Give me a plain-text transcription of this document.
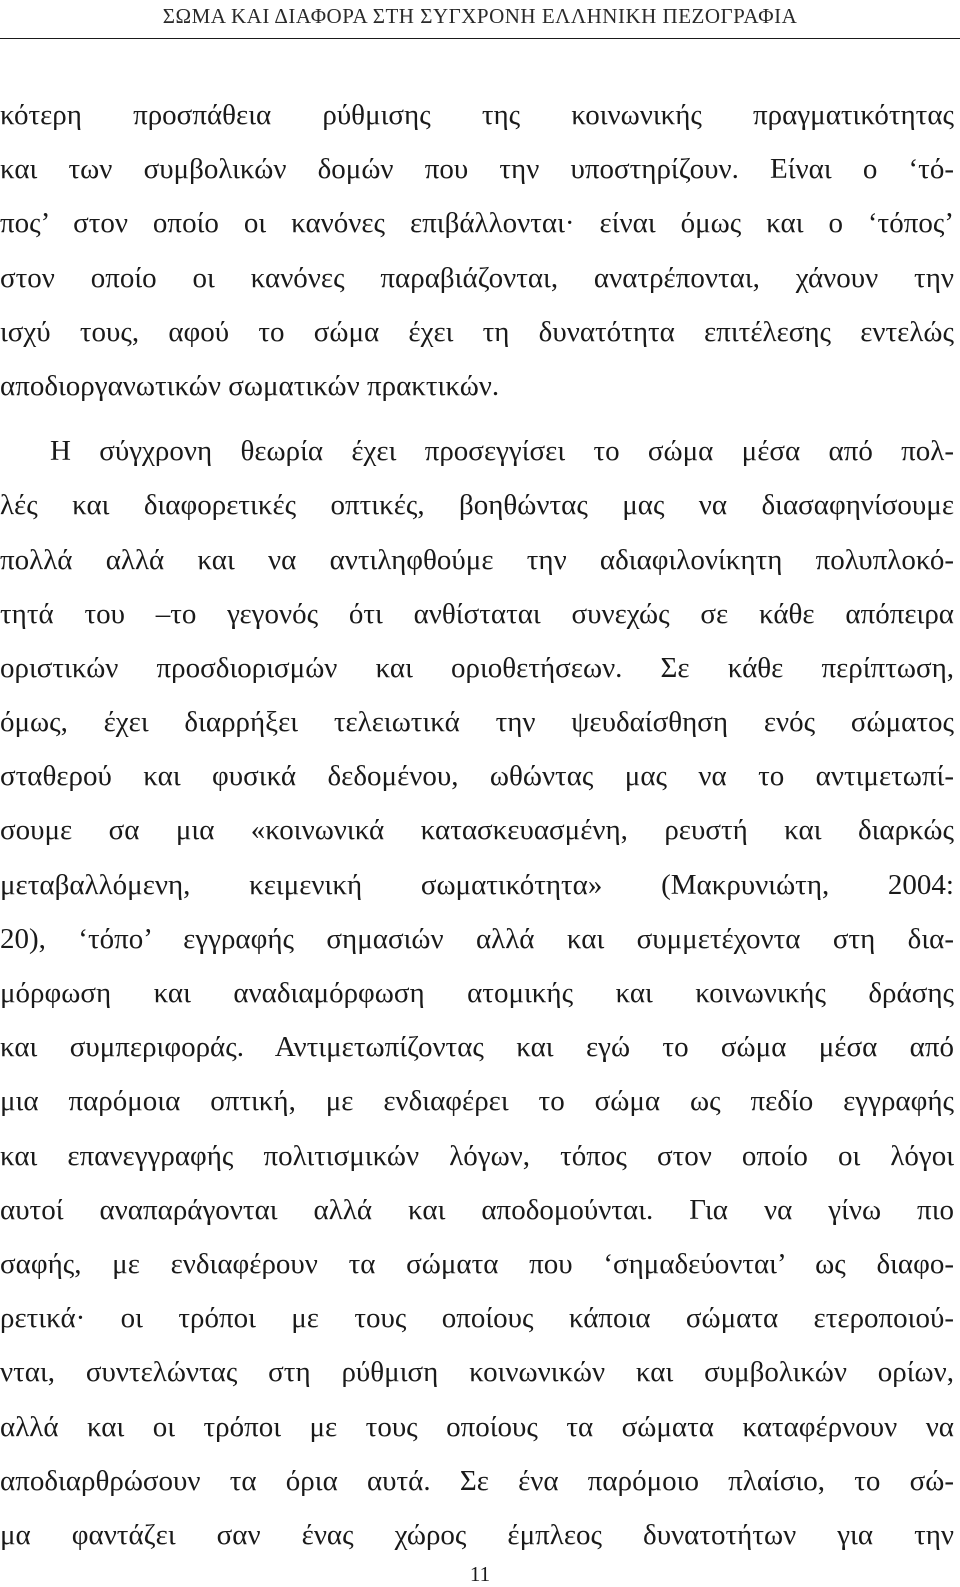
ΣΩΜΑ ΚΑΙ ΔΙΑΦΟΡΑ ΣΤΗ ΣΥΓΧΡΟΝΗ ΕΛΛΗΝΙΚΗ ΠΕΖΟΓΡΑΦΙΑ
κότερη προσπάθεια ρύθμισης της κοινωνικής πραγματικότητας
και των συμβολικών δομών που την υποστηρίζουν. Είναι ο ‘τό-
πος’ στον οποίο οι κανόνες επιβάλλονται· είναι όμως και ο ‘τόπος’
στον οποίο οι κανόνες παραβιάζονται, ανατρέπονται, χάνουν την
ισχύ τους, αφού το σώμα έχει τη δυνατότητα επιτέλεσης εντελώς
αποδιοργανωτικών σωματικών πρακτικών.
Η σύγχρονη θεωρία έχει προσεγγίσει το σώμα μέσα από πολ-
λές και διαφορετικές οπτικές, βοηθώντας μας να διασαφηνίσουμε
πολλά αλλά και να αντιληφθούμε την αδιαφιλονίκητη πολυπλοκό-
τητά του –το γεγονός ότι ανθίσταται συνεχώς σε κάθε απόπειρα
οριστικών προσδιορισμών και οριοθετήσεων. Σε κάθε περίπτωση,
όμως, έχει διαρρήξει τελειωτικά την ψευδαίσθηση ενός σώματος
σταθερού και φυσικά δεδομένου, ωθώντας μας να το αντιμετωπί-
σουμε σα μια «κοινωνικά κατασκευασμένη, ρευστή και διαρκώς
μεταβαλλόμενη, κειμενική σωματικότητα» (Μακρυνιώτη, 2004:
20), ‘τόπο’ εγγραφής σημασιών αλλά και συμμετέχοντα στη δια-
μόρφωση και αναδιαμόρφωση ατομικής και κοινωνικής δράσης
και συμπεριφοράς. Αντιμετωπίζοντας και εγώ το σώμα μέσα από
μια παρόμοια οπτική, με ενδιαφέρει το σώμα ως πεδίο εγγραφής
και επανεγγραφής πολιτισμικών λόγων, τόπος στον οποίο οι λόγοι
αυτοί αναπαράγονται αλλά και αποδομούνται. Για να γίνω πιο
σαφής, με ενδιαφέρουν τα σώματα που ‘σημαδεύονται’ ως διαφο-
ρετικά· οι τρόποι με τους οποίους κάποια σώματα ετεροποιού-
νται, συντελώντας στη ρύθμιση κοινωνικών και συμβολικών ορίων,
αλλά και οι τρόποι με τους οποίους τα σώματα καταφέρνουν να
αποδιαρθρώσουν τα όρια αυτά. Σε ένα παρόμοιο πλαίσιο, το σώ-
μα φαντάζει σαν ένας χώρος έμπλεος δυνατοτήτων για την
11
